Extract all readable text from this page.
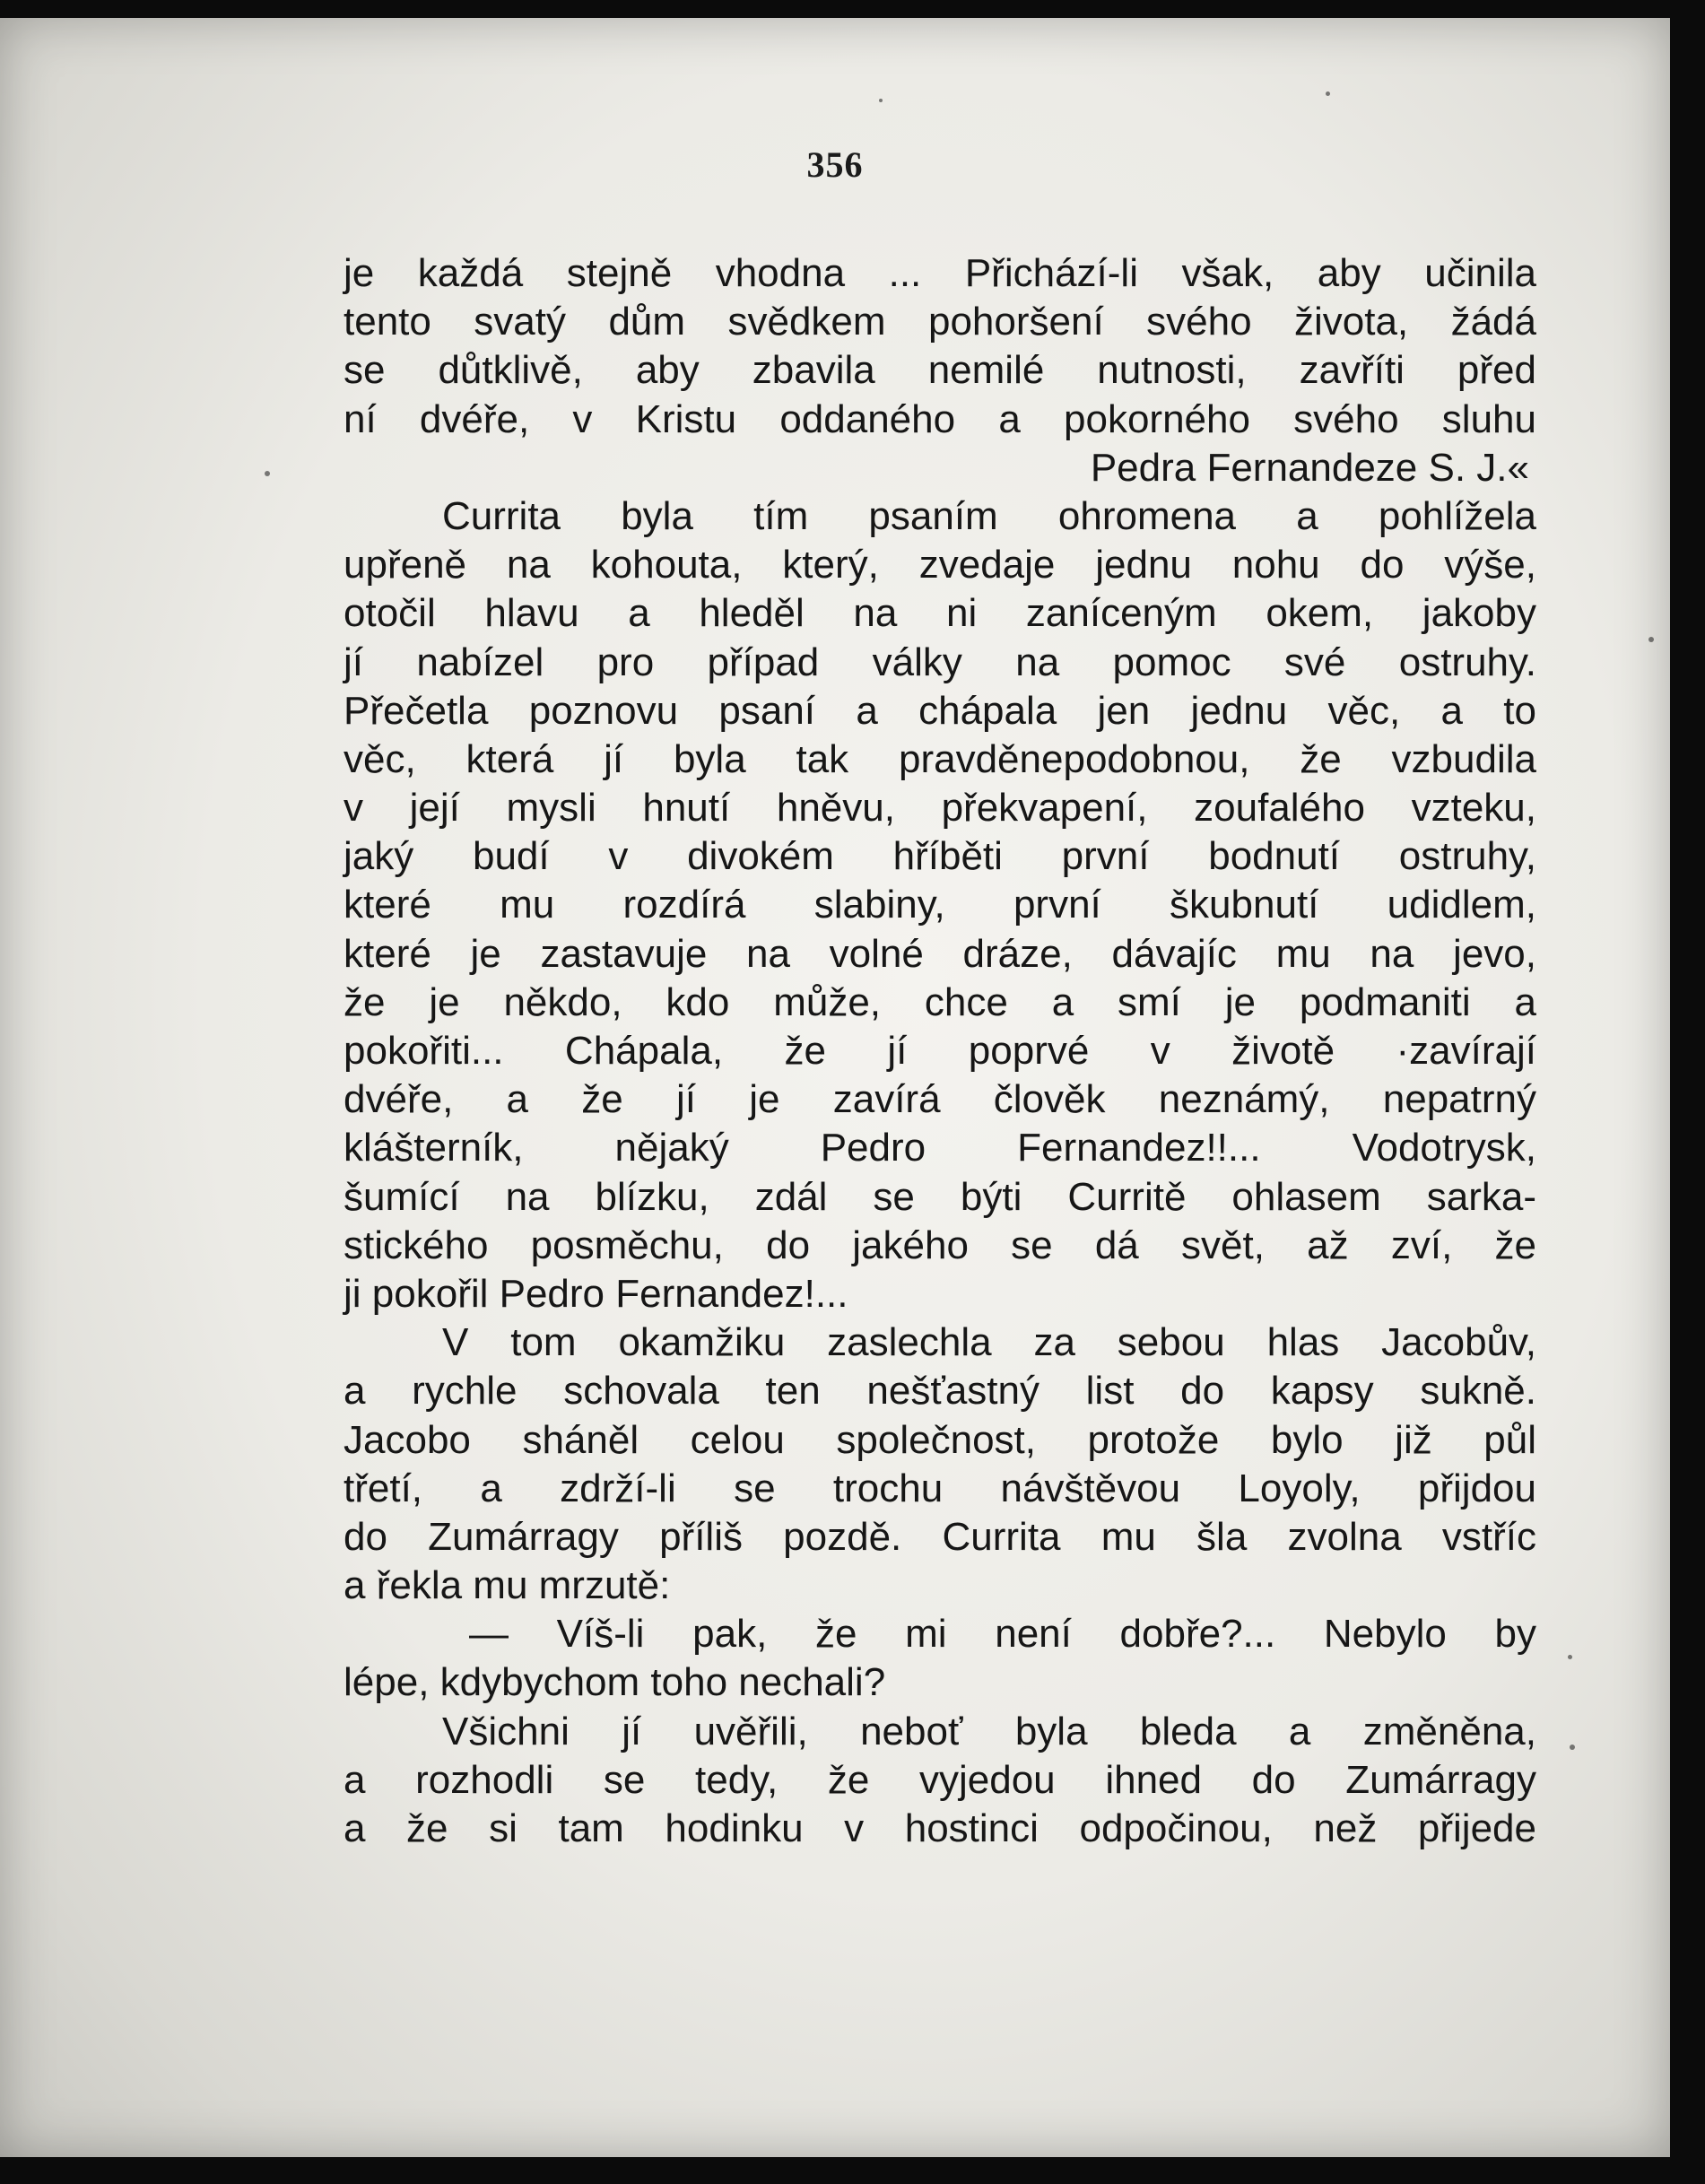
356
je každá stejně vhodna ... Přichází-li však, aby učinila
tento svatý dům svědkem pohoršení svého života, žádá
se důtklivě, aby zbavila nemilé nutnosti, zavříti před
ní dvéře, v Kristu oddaného a pokorného svého sluhu
Pedra Fernandeze S. J.«
Currita byla tím psaním ohromena a pohlížela
upřeně na kohouta, který, zvedaje jednu nohu do výše,
otočil hlavu a hleděl na ni zaníceným okem, jakoby
jí nabízel pro případ války na pomoc své ostruhy.
Přečetla poznovu psaní a chápala jen jednu věc, a to
věc, která jí byla tak pravděnepodobnou, že vzbudila
v její mysli hnutí hněvu, překvapení, zoufalého vzteku,
jaký budí v divokém hříběti první bodnutí ostruhy,
které mu rozdírá slabiny, první škubnutí udidlem,
které je zastavuje na volné dráze, dávajíc mu na jevo,
že je někdo, kdo může, chce a smí je podmaniti a
pokořiti... Chápala, že jí poprvé v životě ·zavírají
dvéře, a že jí je zavírá člověk neznámý, nepatrný
klášterník, nějaký Pedro Fernandez!!... Vodotrysk,
šumící na blízku, zdál se býti Curritě ohlasem sarka-
stického posměchu, do jakého se dá svět, až zví, že
ji pokořil Pedro Fernandez!...
V tom okamžiku zaslechla za sebou hlas Jacobův,
a rychle schovala ten nešťastný list do kapsy sukně.
Jacobo sháněl celou společnost, protože bylo již půl
třetí, a zdrží-li se trochu návštěvou Loyoly, přijdou
do Zumárragy příliš pozdě. Currita mu šla zvolna vstříc
a řekla mu mrzutě:
— Víš-li pak, že mi není dobře?... Nebylo by
lépe, kdybychom toho nechali?
Všichni jí uvěřili, neboť byla bleda a změněna,
a rozhodli se tedy, že vyjedou ihned do Zumárragy
a že si tam hodinku v hostinci odpočinou, než přijede
